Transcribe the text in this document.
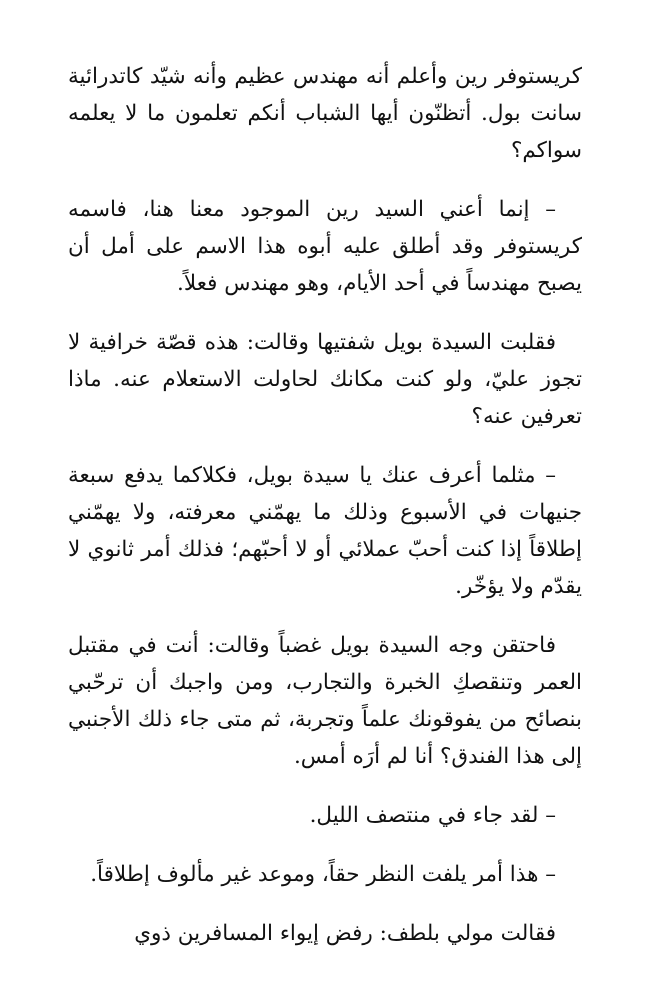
كريستوفر رين وأعلم أنه مهندس عظيم وأنه شيّد كاتدرائية سانت بول. أتظنّون أيها الشباب أنكم تعلمون ما لا يعلمه سواكم؟

– إنما أعني السيد رين الموجود معنا هنا، فاسمه كريستوفر وقد أطلق عليه أبوه هذا الاسم على أمل أن يصبح مهندساً في أحد الأيام، وهو مهندس فعلاً.

فقلبت السيدة بويل شفتيها وقالت: هذه قصّة خرافية لا تجوز عليّ، ولو كنت مكانك لحاولت الاستعلام عنه. ماذا تعرفين عنه؟

– مثلما أعرف عنك يا سيدة بويل، فكلاكما يدفع سبعة جنيهات في الأسبوع وذلك ما يهمّني معرفته، ولا يهمّني إطلاقاً إذا كنت أحبّ عملائي أو لا أحبّهم؛ فذلك أمر ثانوي لا يقدّم ولا يؤخّر.

فاحتقن وجه السيدة بويل غضباً وقالت: أنت في مقتبل العمر وتنقصكِ الخبرة والتجارب، ومن واجبك أن ترحّبي بنصائح من يفوقونك علماً وتجربة، ثم متى جاء ذلك الأجنبي إلى هذا الفندق؟ أنا لم أرَه أمس.

– لقد جاء في منتصف الليل.

– هذا أمر يلفت النظر حقاً، وموعد غير مألوف إطلاقاً.

فقالت مولي بلطف: رفض إيواء المسافرين ذوي
